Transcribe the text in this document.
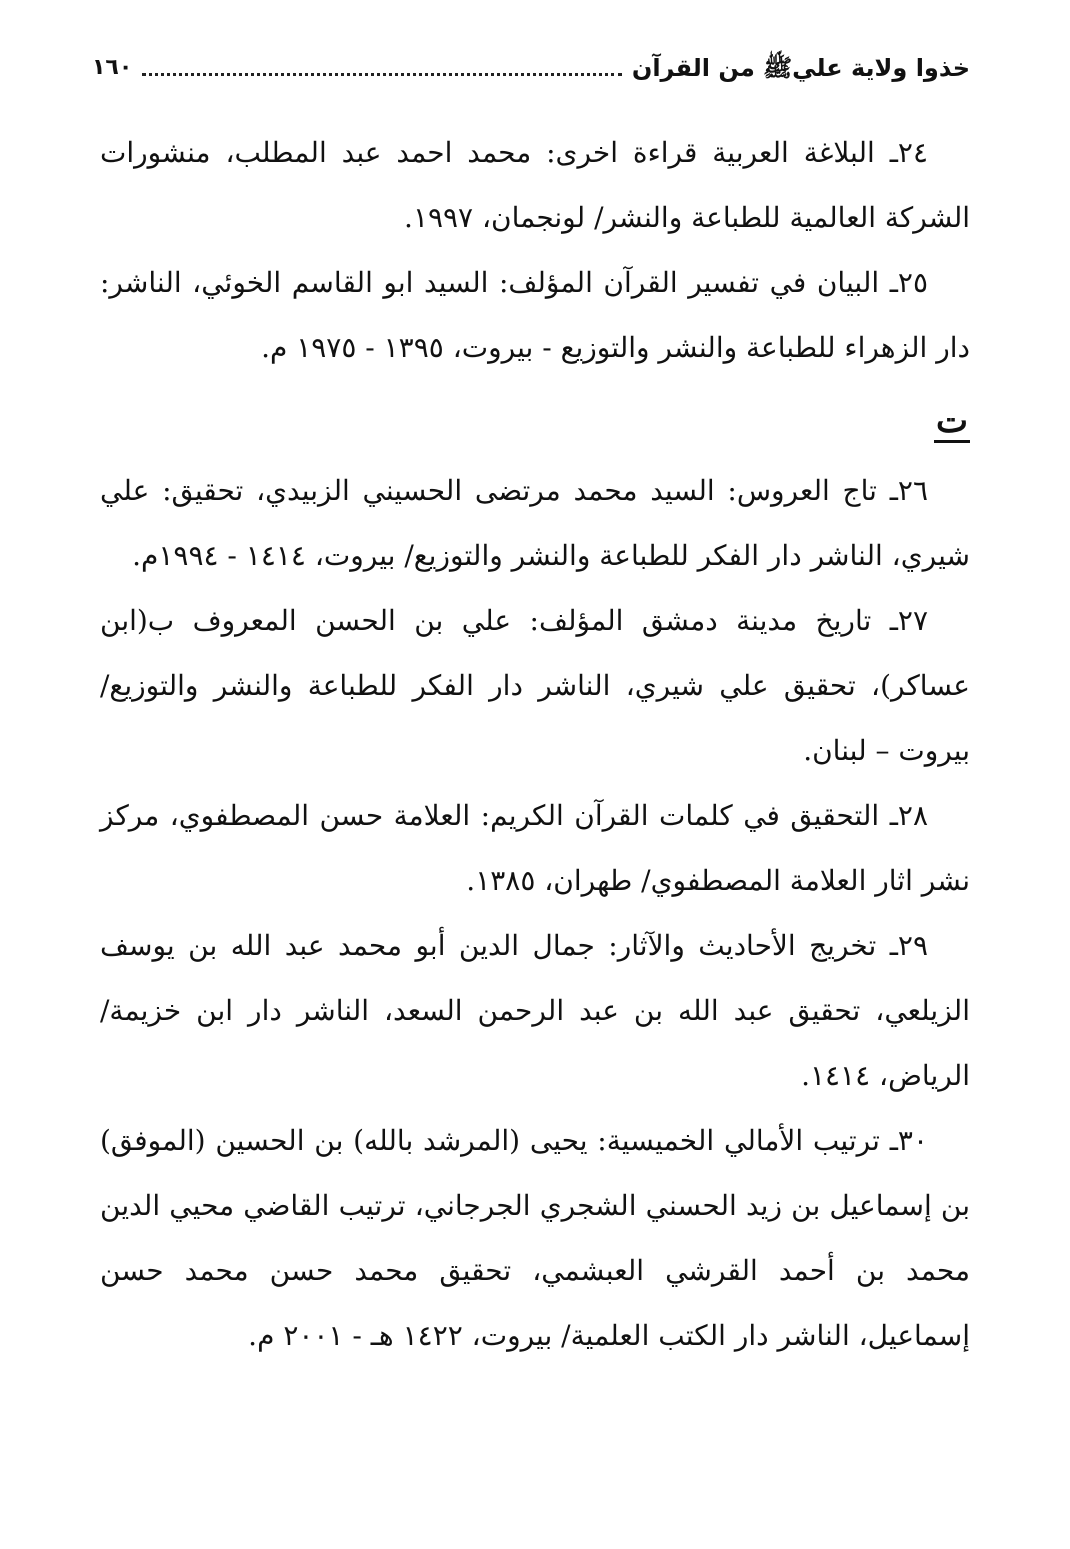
خذوا ولاية عليﷺ من القرآن
١٦٠

٢٤ـ البلاغة العربية قراءة اخرى: محمد احمد عبد المطلب، منشورات الشركة العالمية للطباعة والنشر/ لونجمان، ١٩٩٧.

٢٥ـ البيان في تفسير القرآن المؤلف: السيد ابو القاسم الخوئي، الناشر: دار الزهراء للطباعة والنشر والتوزيع - بيروت، ١٣٩٥ - ١٩٧٥ م.

ت

٢٦ـ تاج العروس: السيد محمد مرتضى الحسيني الزبيدي، تحقيق: علي شيري، الناشر دار الفكر للطباعة والنشر والتوزيع/ بيروت، ١٤١٤ - ١٩٩٤م.

٢٧ـ تاريخ مدينة دمشق المؤلف: علي بن الحسن المعروف ب(ابن عساكر)، تحقيق علي شيري، الناشر دار الفكر للطباعة والنشر والتوزيع/ بيروت – لبنان.

٢٨ـ التحقيق في كلمات القرآن الكريم: العلامة حسن المصطفوي، مركز نشر اثار العلامة المصطفوي/ طهران، ١٣٨٥.

٢٩ـ تخريج الأحاديث والآثار: جمال الدين أبو محمد عبد الله بن يوسف الزيلعي، تحقيق عبد الله بن عبد الرحمن السعد، الناشر دار ابن خزيمة/ الرياض، ١٤١٤.

٣٠ـ ترتيب الأمالي الخميسية: يحيى (المرشد بالله) بن الحسين (الموفق) بن إسماعيل بن زيد الحسني الشجري الجرجاني، ترتيب القاضي محيي الدين محمد بن أحمد القرشي العبشمي، تحقيق محمد حسن محمد حسن إسماعيل، الناشر دار الكتب العلمية/ بيروت، ١٤٢٢ هـ - ٢٠٠١ م.
